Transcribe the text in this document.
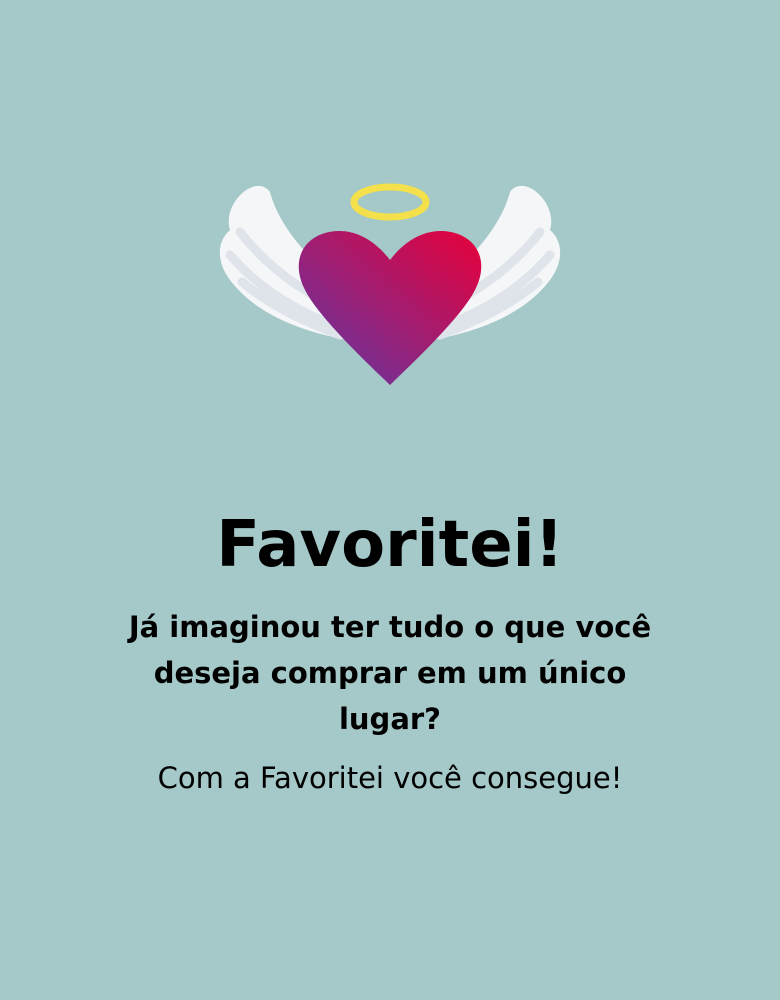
Favoritei!

Já imaginou ter tudo o que você
deseja comprar em um único
lugar?

Com a Favoritei você consegue!
